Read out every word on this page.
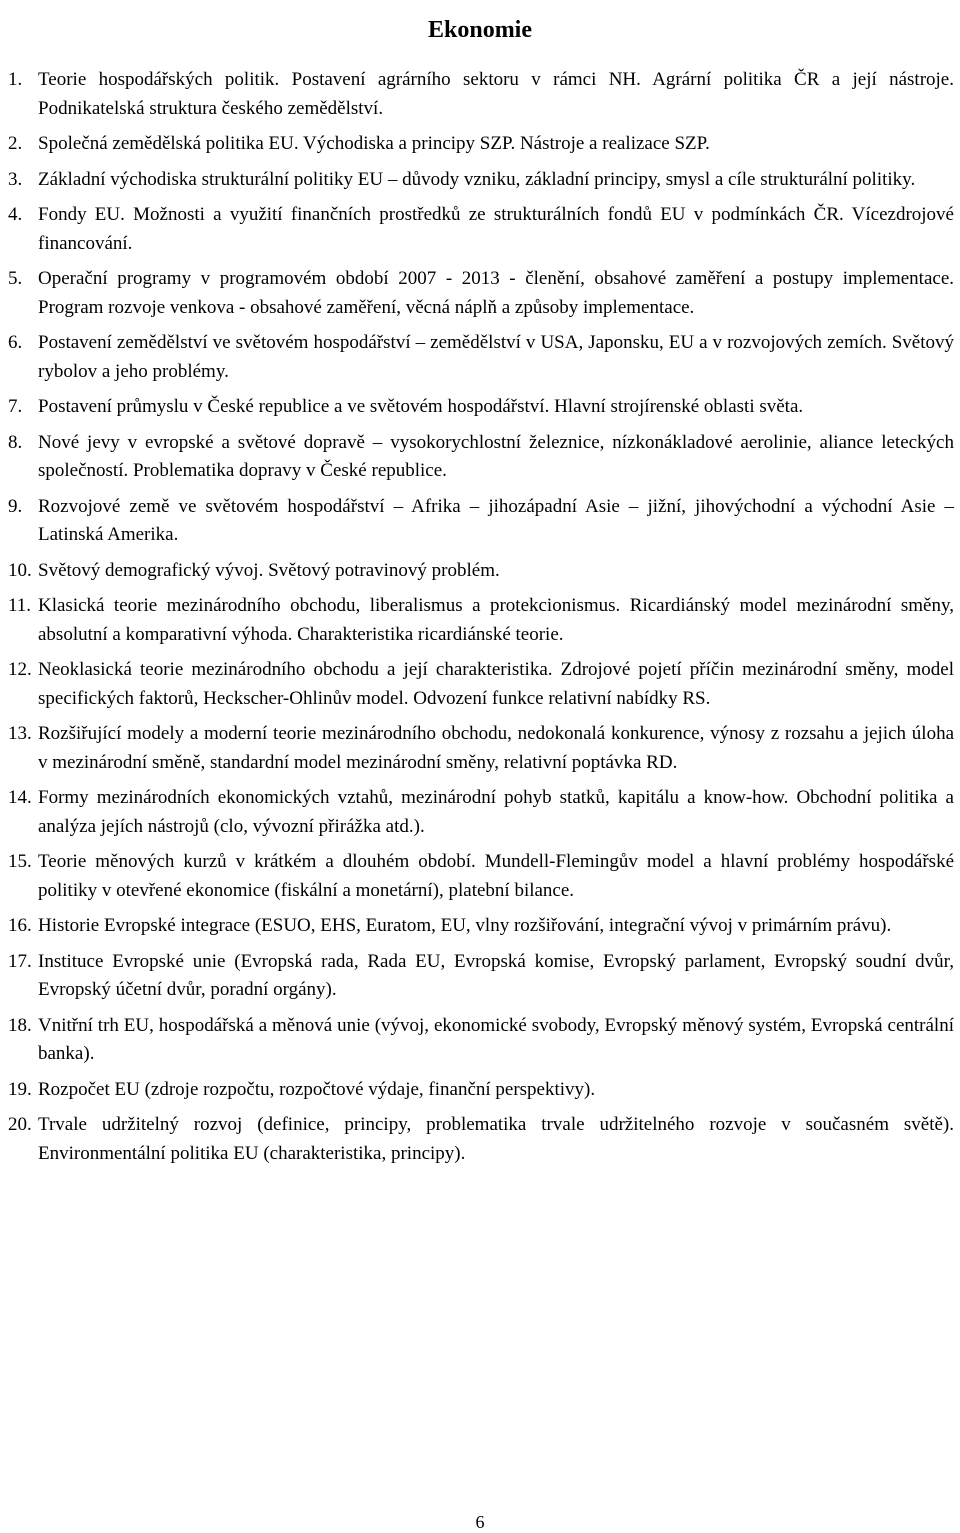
Ekonomie
1. Teorie hospodářských politik. Postavení agrárního sektoru v rámci NH. Agrární politika ČR a její nástroje. Podnikatelská struktura českého zemědělství.
2. Společná zemědělská politika EU. Východiska a principy SZP. Nástroje a realizace SZP.
3. Základní východiska strukturální politiky EU – důvody vzniku, základní principy, smysl a cíle strukturální politiky.
4. Fondy EU. Možnosti a využití finančních prostředků ze strukturálních fondů EU v podmínkách ČR. Vícezdrojové financování.
5. Operační programy v programovém období 2007 - 2013 - členění, obsahové zaměření a postupy implementace. Program rozvoje venkova - obsahové zaměření, věcná náplň a způsoby implementace.
6. Postavení zemědělství ve světovém hospodářství – zemědělství v USA, Japonsku, EU a v rozvojových zemích. Světový rybolov a jeho problémy.
7. Postavení průmyslu v České republice a ve světovém hospodářství. Hlavní strojírenské oblasti světa.
8. Nové jevy v evropské a světové dopravě – vysokorychlostní železnice, nízkonákladové aerolinie, aliance leteckých společností. Problematika dopravy v České republice.
9. Rozvojové země ve světovém hospodářství – Afrika – jihozápadní Asie – jižní, jihovýchodní a východní Asie – Latinská Amerika.
10. Světový demografický vývoj. Světový potravinový problém.
11. Klasická teorie mezinárodního obchodu, liberalismus a protekcionismus. Ricardiánský model mezinárodní směny, absolutní a komparativní výhoda. Charakteristika ricardiánské teorie.
12. Neoklasická teorie mezinárodního obchodu a její charakteristika. Zdrojové pojetí příčin mezinárodní směny, model specifických faktorů, Heckscher-Ohlinův model. Odvození funkce relativní nabídky RS.
13. Rozšiřující modely a moderní teorie mezinárodního obchodu, nedokonalá konkurence, výnosy z rozsahu a jejich úloha v mezinárodní směně, standardní model mezinárodní směny, relativní poptávka RD.
14. Formy mezinárodních ekonomických vztahů, mezinárodní pohyb statků, kapitálu a know-how. Obchodní politika a analýza jejích nástrojů (clo, vývozní přirážka atd.).
15. Teorie měnových kurzů v krátkém a dlouhém období. Mundell-Flemingův model a hlavní problémy hospodářské politiky v otevřené ekonomice (fiskální a monetární), platební bilance.
16. Historie Evropské integrace (ESUO, EHS, Euratom, EU, vlny rozšiřování, integrační vývoj v primárním právu).
17. Instituce Evropské unie (Evropská rada, Rada EU, Evropská komise, Evropský parlament, Evropský soudní dvůr, Evropský účetní dvůr, poradní orgány).
18. Vnitřní trh EU, hospodářská a měnová unie (vývoj, ekonomické svobody, Evropský měnový systém, Evropská centrální banka).
19. Rozpočet EU (zdroje rozpočtu, rozpočtové výdaje, finanční perspektivy).
20. Trvale udržitelný rozvoj (definice, principy, problematika trvale udržitelného rozvoje v současném světě). Environmentální politika EU (charakteristika, principy).
6
